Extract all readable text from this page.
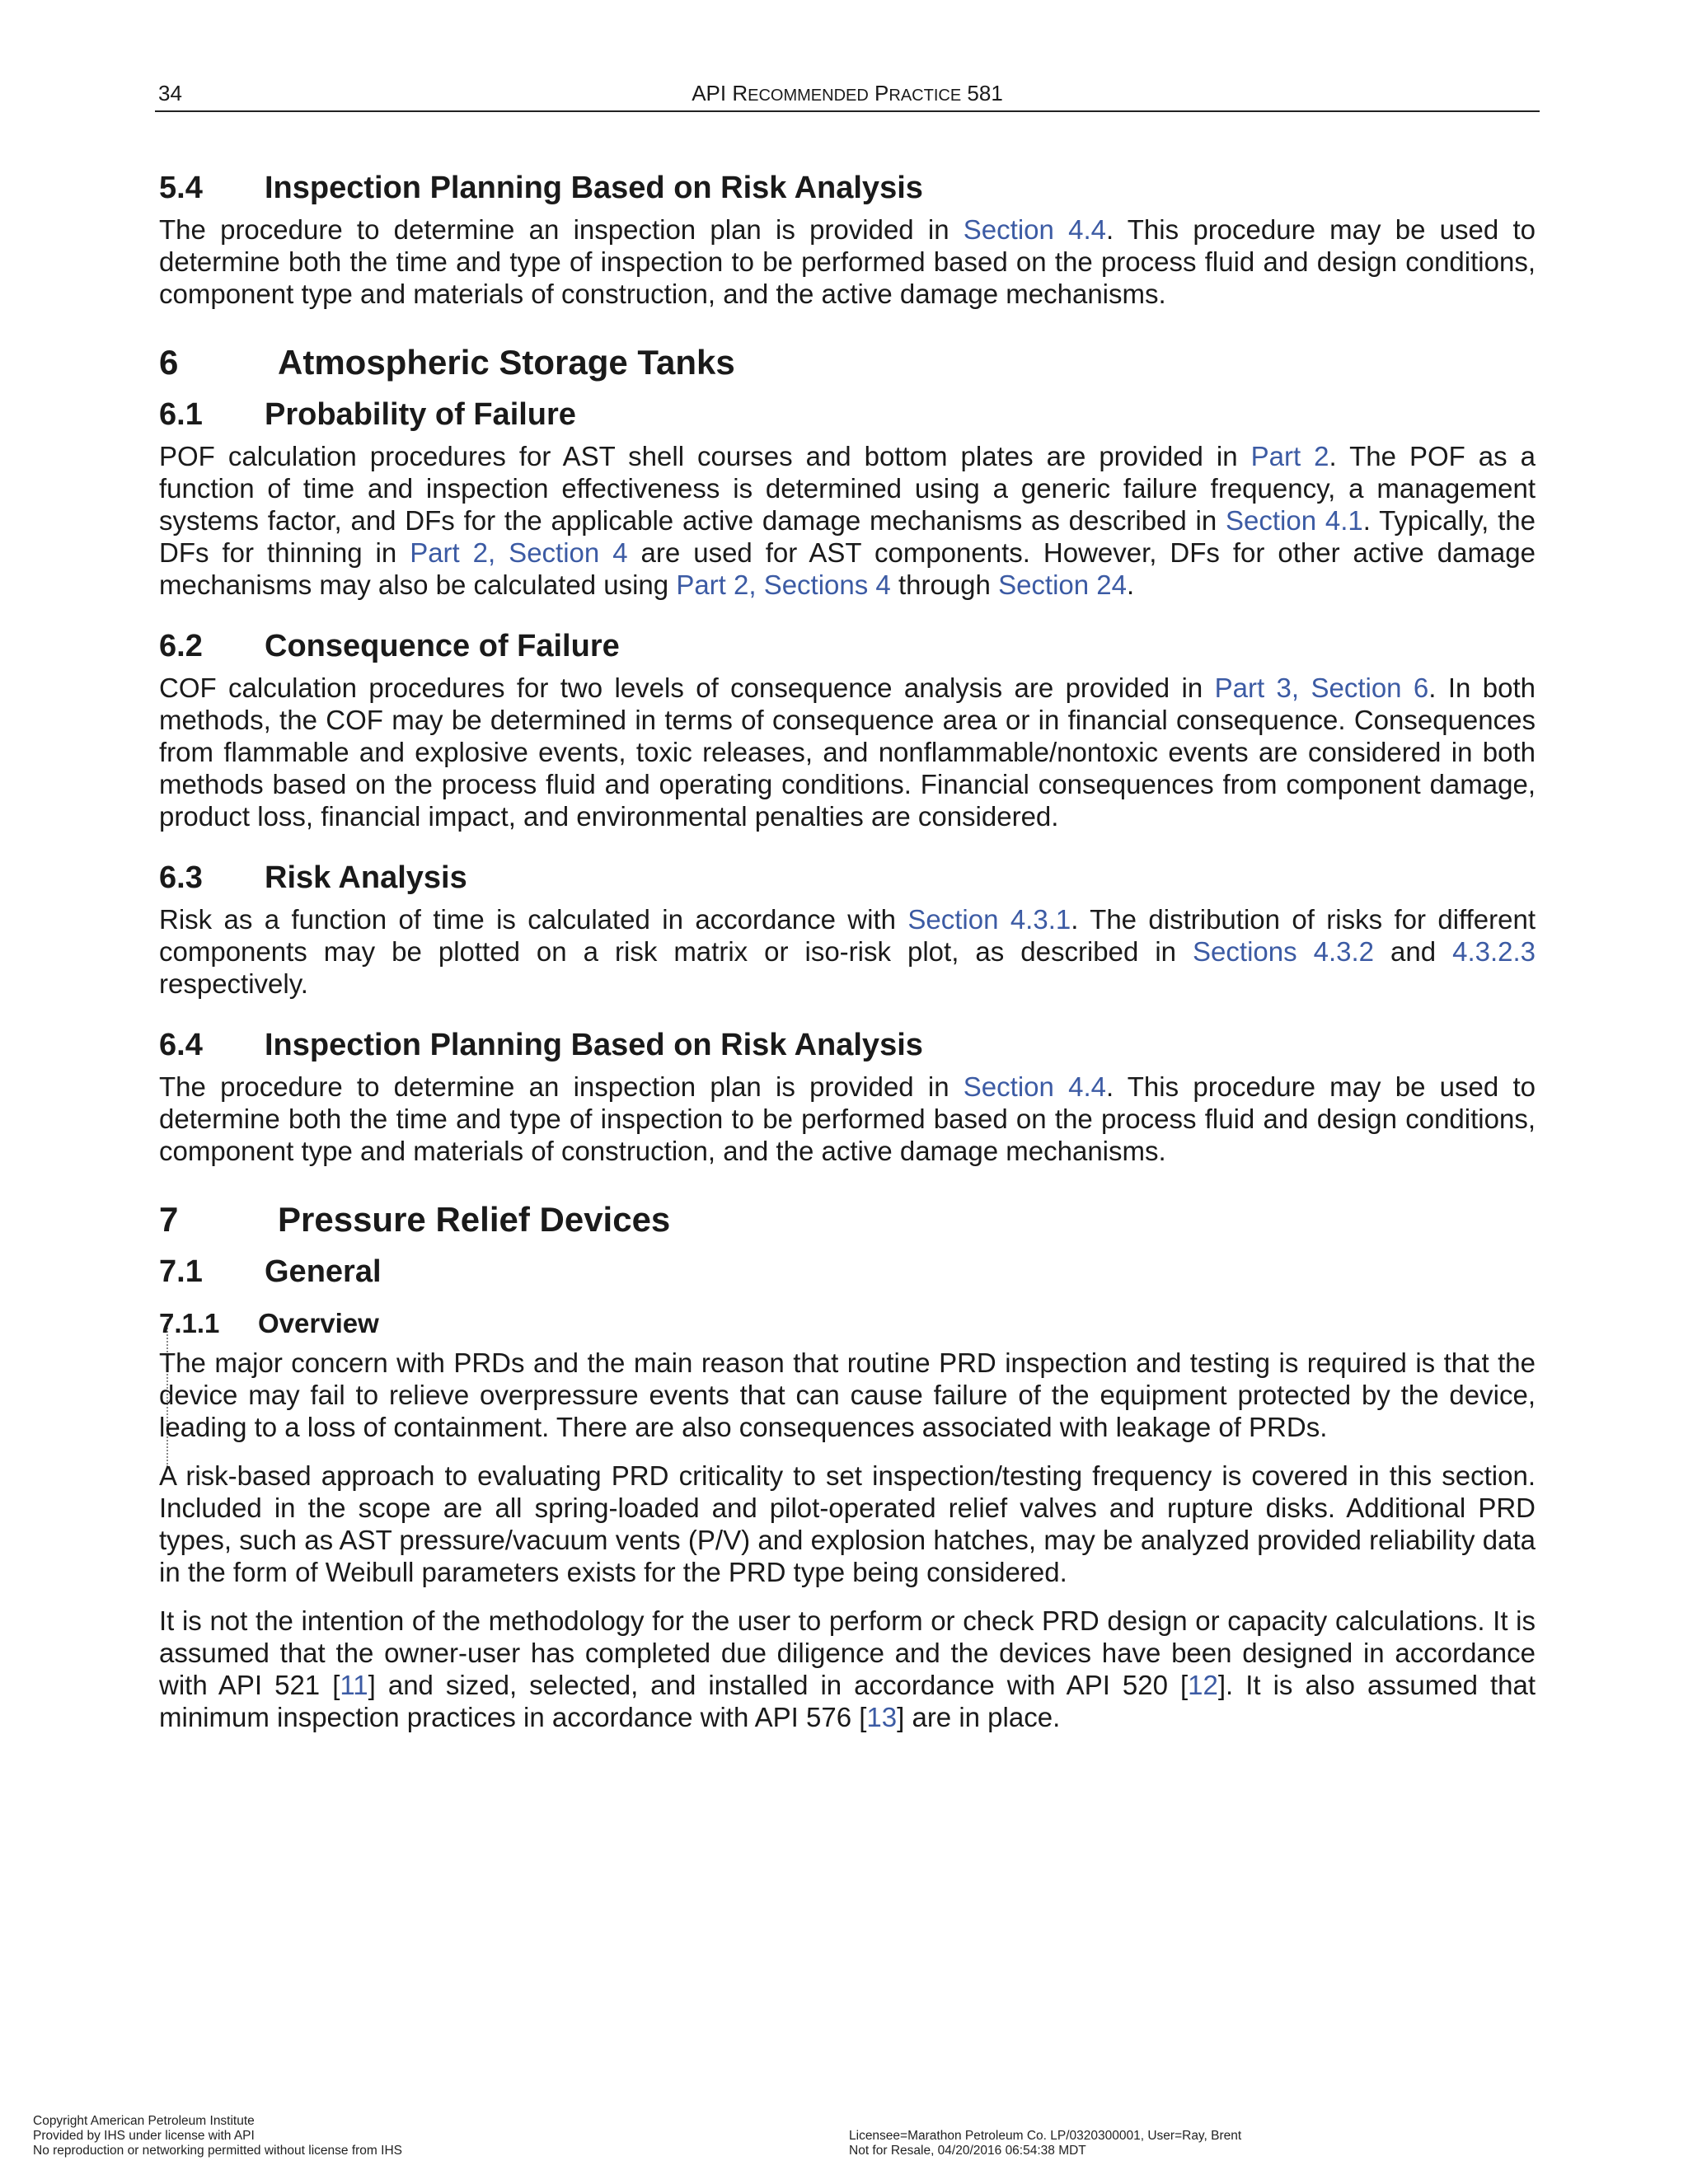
34	API RECOMMENDED PRACTICE 581
5.4 Inspection Planning Based on Risk Analysis

The procedure to determine an inspection plan is provided in Section 4.4. This procedure may be used to determine both the time and type of inspection to be performed based on the process fluid and design conditions, component type and materials of construction, and the active damage mechanisms.

6	Atmospheric Storage Tanks
6.1 Probability of Failure

POF calculation procedures for AST shell courses and bottom plates are provided in Part 2. The POF as a function of time and inspection effectiveness is determined using a generic failure frequency, a management systems factor, and DFs for the applicable active damage mechanisms as described in Section 4.1. Typically, the DFs for thinning in Part 2, Section 4 are used for AST components. However, DFs for other active damage mechanisms may also be calculated using Part 2, Sections 4 through Section 24.

6.2 Consequence of Failure

COF calculation procedures for two levels of consequence analysis are provided in Part 3, Section 6. In both methods, the COF may be determined in terms of consequence area or in financial consequence. Consequences from flammable and explosive events, toxic releases, and nonflammable/nontoxic events are considered in both methods based on the process fluid and operating conditions. Financial consequences from component damage, product loss, financial impact, and environmental penalties are considered.

6.3 Risk Analysis

Risk as a function of time is calculated in accordance with Section 4.3.1. The distribution of risks for different components may be plotted on a risk matrix or iso-risk plot, as described in Sections 4.3.2 and 4.3.2.3 respectively.

6.4 Inspection Planning Based on Risk Analysis

The procedure to determine an inspection plan is provided in Section 4.4. This procedure may be used to determine both the time and type of inspection to be performed based on the process fluid and design conditions, component type and materials of construction, and the active damage mechanisms.

7	Pressure Relief Devices
7.1 General
7.1.1 Overview

The major concern with PRDs and the main reason that routine PRD inspection and testing is required is that the device may fail to relieve overpressure events that can cause failure of the equipment protected by the device, leading to a loss of containment. There are also consequences associated with leakage of PRDs.

A risk-based approach to evaluating PRD criticality to set inspection/testing frequency is covered in this section. Included in the scope are all spring-loaded and pilot-operated relief valves and rupture disks. Additional PRD types, such as AST pressure/vacuum vents (P/V) and explosion hatches, may be analyzed provided reliability data in the form of Weibull parameters exists for the PRD type being considered.

It is not the intention of the methodology for the user to perform or check PRD design or capacity calculations. It is assumed that the owner-user has completed due diligence and the devices have been designed in accordance with API 521 [11] and sized, selected, and installed in accordance with API 520 [12]. It is also assumed that minimum inspection practices in accordance with API 576 [13] are in place.

Copyright American Petroleum Institute
Provided by IHS under license with API
No reproduction or networking permitted without license from IHS
Licensee=Marathon Petroleum Co. LP/0320300001, User=Ray, Brent
Not for Resale, 04/20/2016 06:54:38 MDT
